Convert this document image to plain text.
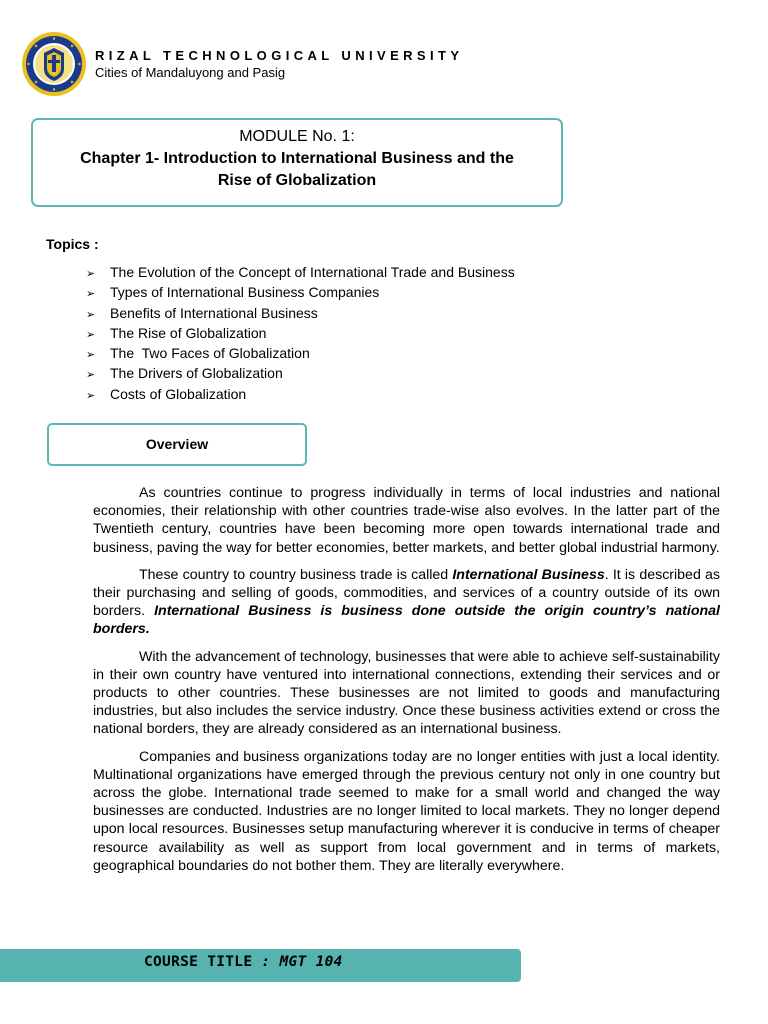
RIZAL TECHNOLOGICAL UNIVERSITY
Cities of Mandaluyong and Pasig
MODULE No. 1:
Chapter 1- Introduction to International Business and the Rise of Globalization
Topics :
➢ The Evolution of the Concept of International Trade and Business
➢ Types of International Business Companies
➢ Benefits of International Business
➢ The Rise of Globalization
➢ The  Two Faces of Globalization
➢ The Drivers of Globalization
➢ Costs of Globalization
Overview

As countries continue to progress individually in terms of local industries and national economies, their relationship with other countries trade-wise also evolves. In the latter part of the Twentieth century, countries have been becoming more open towards international trade and business, paving the way for better economies, better markets, and better global industrial harmony.

These country to country business trade is called International Business. It is described as their purchasing and selling of goods, commodities, and services of a country outside of its own borders. International Business is business done outside the origin country’s national borders.

With the advancement of technology, businesses that were able to achieve self-sustainability in their own country have ventured into international connections, extending their services and or products to other countries. These businesses are not limited to goods and manufacturing industries, but also includes the service industry. Once these business activities extend or cross the national borders, they are already considered as an international business.

Companies and business organizations today are no longer entities with just a local identity. Multinational organizations have emerged through the previous century not only in one country but across the globe. International trade seemed to make for a small world and changed the way businesses are conducted. Industries are no longer limited to local markets. They no longer depend upon local resources. Businesses setup manufacturing wherever it is conducive in terms of cheaper resource availability as well as support from local government and in terms of markets, geographical boundaries do not bother them. They are literally everywhere.

COURSE TITLE : MGT 104
